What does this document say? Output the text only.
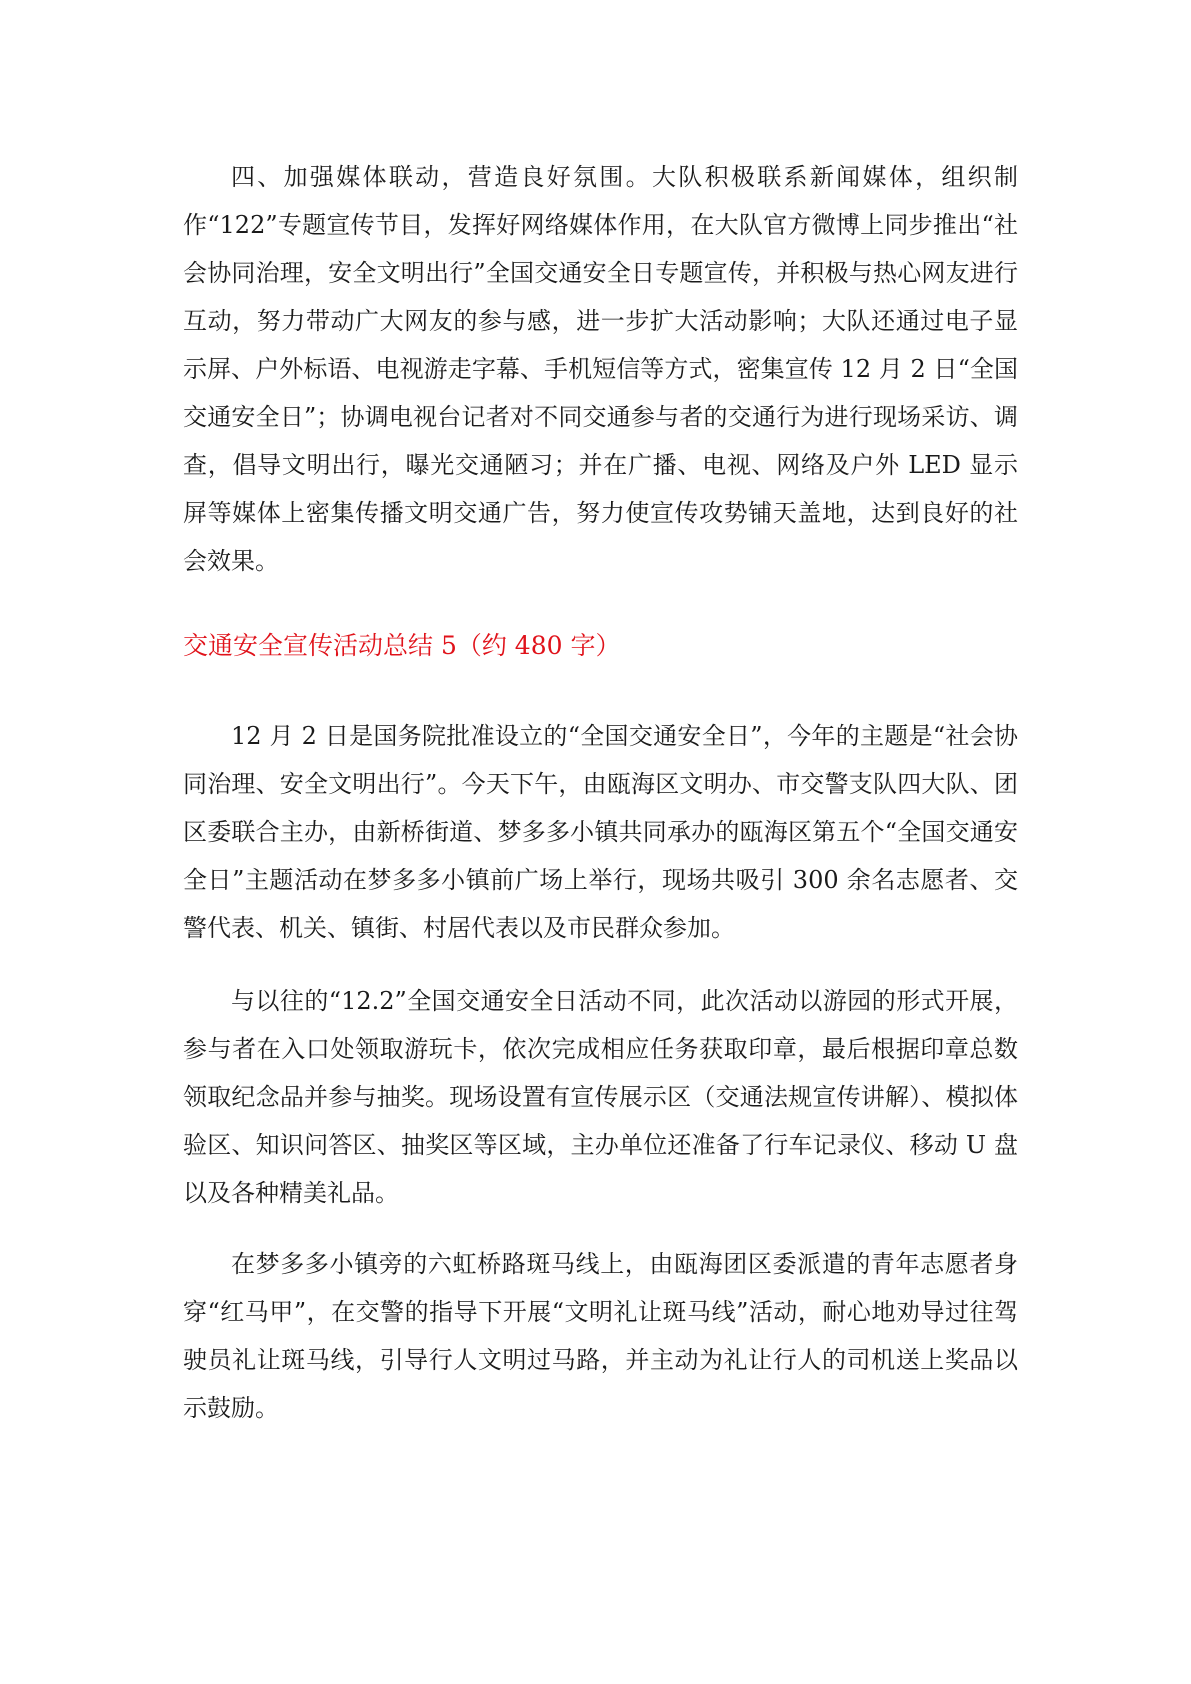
四、加强媒体联动，营造良好氛围。大队积极联系新闻媒体，组织制作“122”专题宣传节目，发挥好网络媒体作用，在大队官方微博上同步推出“社会协同治理，安全文明出行”全国交通安全日专题宣传，并积极与热心网友进行互动，努力带动广大网友的参与感，进一步扩大活动影响；大队还通过电子显示屏、户外标语、电视游走字幕、手机短信等方式，密集宣传 12 月 2 日“全国交通安全日”；协调电视台记者对不同交通参与者的交通行为进行现场采访、调查，倡导文明出行，曝光交通陋习；并在广播、电视、网络及户外 LED 显示屏等媒体上密集传播文明交通广告，努力使宣传攻势铺天盖地，达到良好的社会效果。

交通安全宣传活动总结 5（约 480 字）

12 月 2 日是国务院批准设立的“全国交通安全日”，今年的主题是“社会协同治理、安全文明出行”。今天下午，由瓯海区文明办、市交警支队四大队、团区委联合主办，由新桥街道、梦多多小镇共同承办的瓯海区第五个“全国交通安全日”主题活动在梦多多小镇前广场上举行，现场共吸引 300 余名志愿者、交警代表、机关、镇街、村居代表以及市民群众参加。

与以往的“12.2”全国交通安全日活动不同，此次活动以游园的形式开展，参与者在入口处领取游玩卡，依次完成相应任务获取印章，最后根据印章总数领取纪念品并参与抽奖。现场设置有宣传展示区（交通法规宣传讲解）、模拟体验区、知识问答区、抽奖区等区域，主办单位还准备了行车记录仪、移动 U 盘以及各种精美礼品。

在梦多多小镇旁的六虹桥路斑马线上，由瓯海团区委派遣的青年志愿者身穿“红马甲”，在交警的指导下开展“文明礼让斑马线”活动，耐心地劝导过往驾驶员礼让斑马线，引导行人文明过马路，并主动为礼让行人的司机送上奖品以示鼓励。
